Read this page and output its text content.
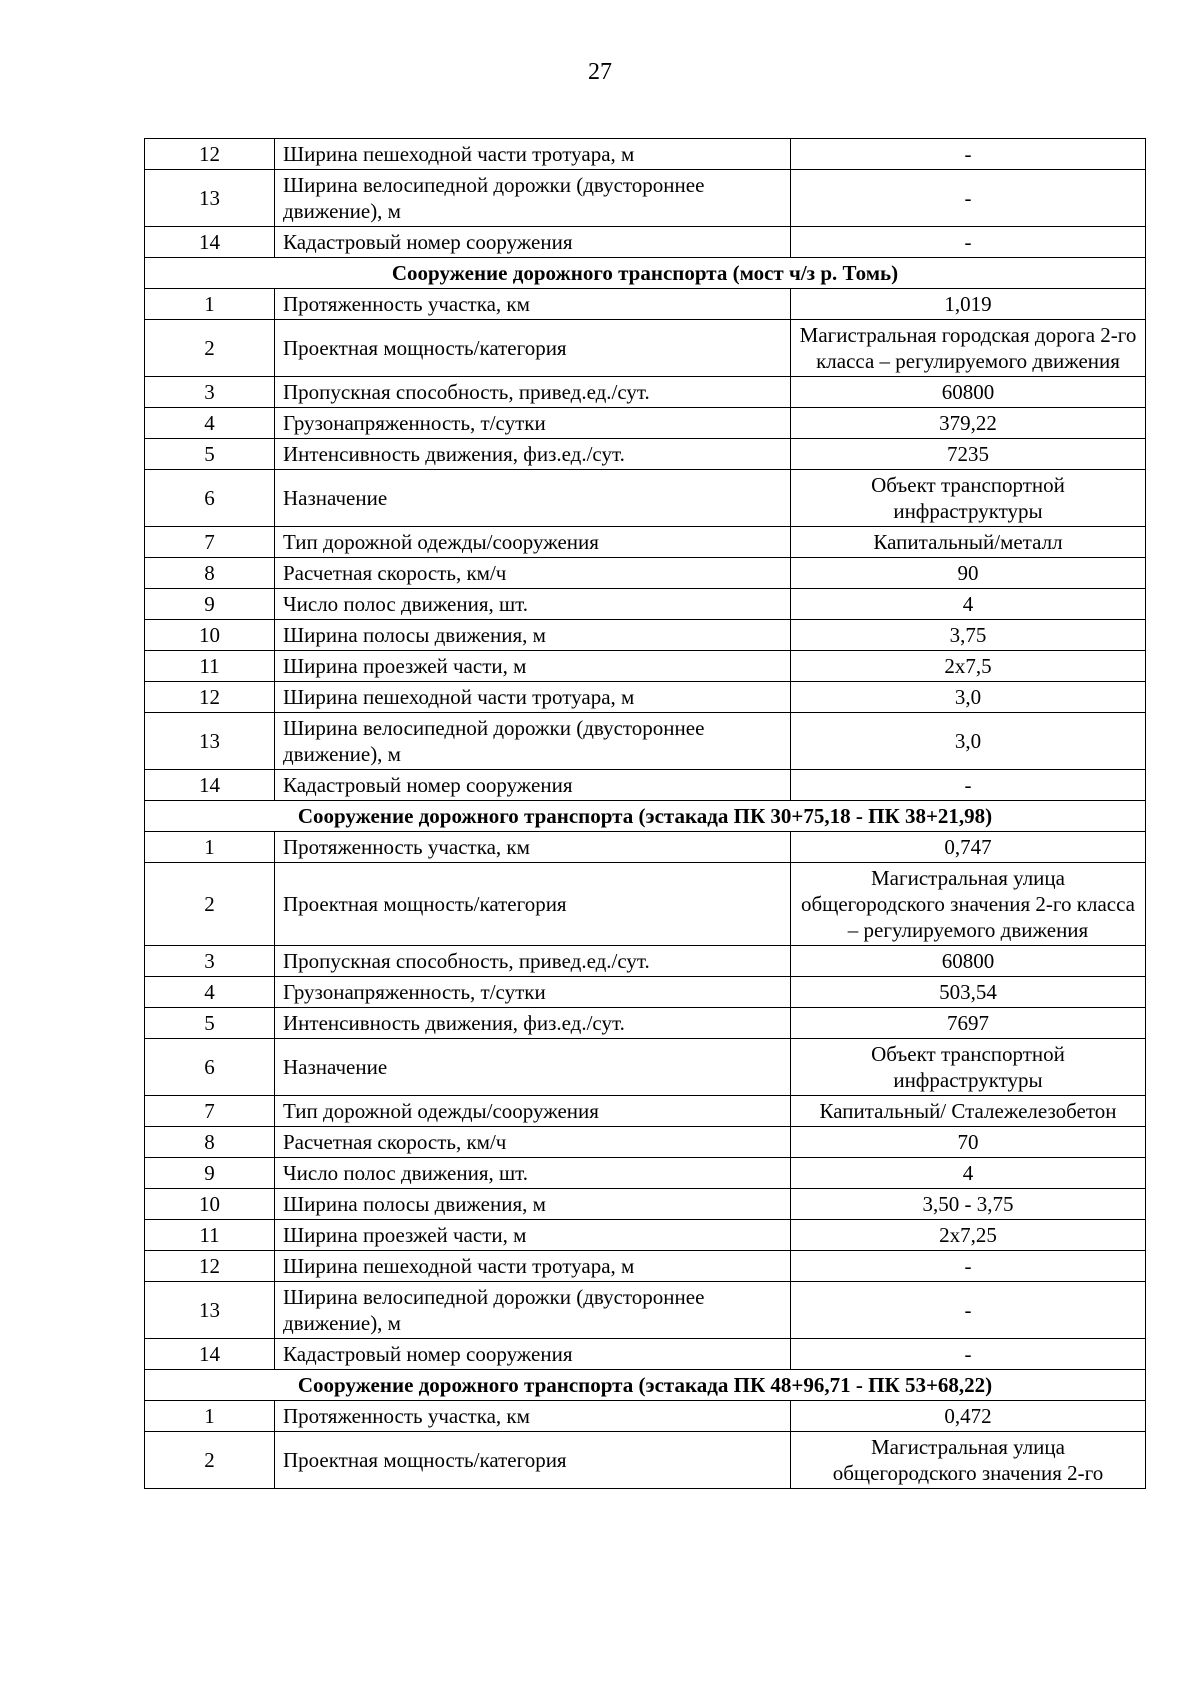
27
12	Ширина пешеходной части тротуара, м	-
13	Ширина велосипедной дорожки (двустороннее движение), м	-
14	Кадастровый номер сооружения	-
Сооружение дорожного транспорта (мост ч/з р. Томь)		
1	Протяженность участка, км	1,019
2	Проектная мощность/категория	Магистральная городская дорога 2-го класса – регулируемого движения
3	Пропускная способность, привед.ед./сут.	60800
4	Грузонапряженность, т/сутки	379,22
5	Интенсивность движения, физ.ед./сут.	7235
6	Назначение	Объект транспортной инфраструктуры
7	Тип дорожной одежды/сооружения	Капитальный/металл
8	Расчетная скорость, км/ч	90
9	Число полос движения, шт.	4
10	Ширина полосы движения, м	3,75
11	Ширина проезжей части, м	2x7,5
12	Ширина пешеходной части тротуара, м	3,0
13	Ширина велосипедной дорожки (двустороннее движение), м	3,0
14	Кадастровый номер сооружения	-
Сооружение дорожного транспорта (эстакада ПК 30+75,18 - ПК 38+21,98)		
1	Протяженность участка, км	0,747
2	Проектная мощность/категория	Магистральная улица общегородского значения 2-го класса – регулируемого движения
3	Пропускная способность, привед.ед./сут.	60800
4	Грузонапряженность, т/сутки	503,54
5	Интенсивность движения, физ.ед./сут.	7697
6	Назначение	Объект транспортной инфраструктуры
7	Тип дорожной одежды/сооружения	Капитальный/ Сталежелезобетон
8	Расчетная скорость, км/ч	70
9	Число полос движения, шт.	4
10	Ширина полосы движения, м	3,50 - 3,75
11	Ширина проезжей части, м	2x7,25
12	Ширина пешеходной части тротуара, м	-
13	Ширина велосипедной дорожки (двустороннее движение), м	-
14	Кадастровый номер сооружения	-
Сооружение дорожного транспорта (эстакада ПК 48+96,71 - ПК 53+68,22)		
1	Протяженность участка, км	0,472
2	Проектная мощность/категория	Магистральная улица общегородского значения 2-го
